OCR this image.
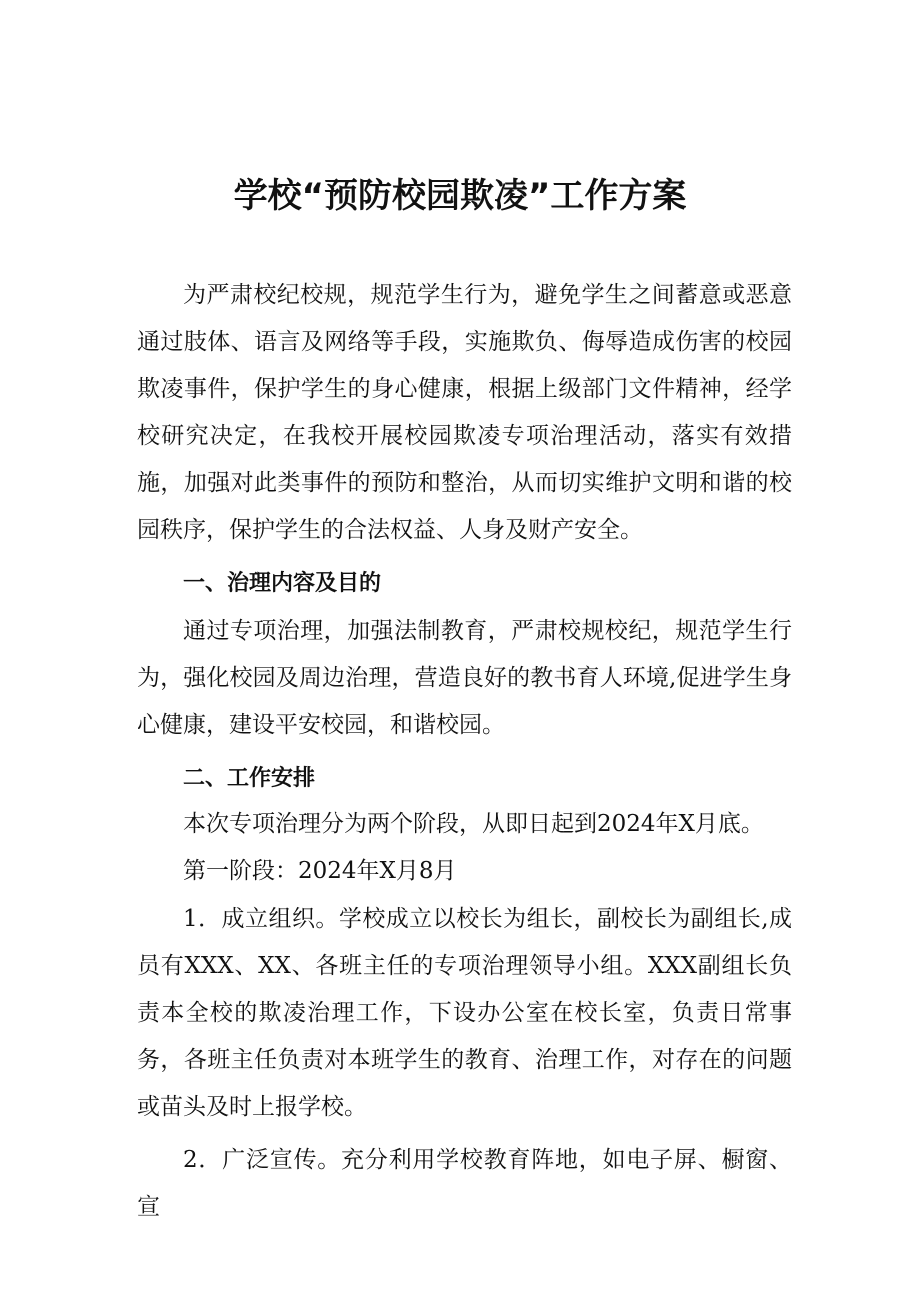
学校“预防校园欺凌”工作方案

为严肃校纪校规，规范学生行为，避免学生之间蓄意或恶意通过肢体、语言及网络等手段，实施欺负、侮辱造成伤害的校园欺凌事件，保护学生的身心健康，根据上级部门文件精神，经学校研究决定，在我校开展校园欺凌专项治理活动，落实有效措施，加强对此类事件的预防和整治，从而切实维护文明和谐的校园秩序，保护学生的合法权益、人身及财产安全。

一、治理内容及目的

通过专项治理，加强法制教育，严肃校规校纪，规范学生行为，强化校园及周边治理，营造良好的教书育人环境,促进学生身心健康，建设平安校园，和谐校园。

二、工作安排

本次专项治理分为两个阶段，从即日起到2024年X月底。

第一阶段：2024年X月8月

1．成立组织。学校成立以校长为组长，副校长为副组长,成员有XXX、XX、各班主任的专项治理领导小组。XXX副组长负责本全校的欺凌治理工作，下设办公室在校长室，负责日常事务，各班主任负责对本班学生的教育、治理工作，对存在的问题或苗头及时上报学校。

2．广泛宣传。充分利用学校教育阵地，如电子屏、橱窗、宣
